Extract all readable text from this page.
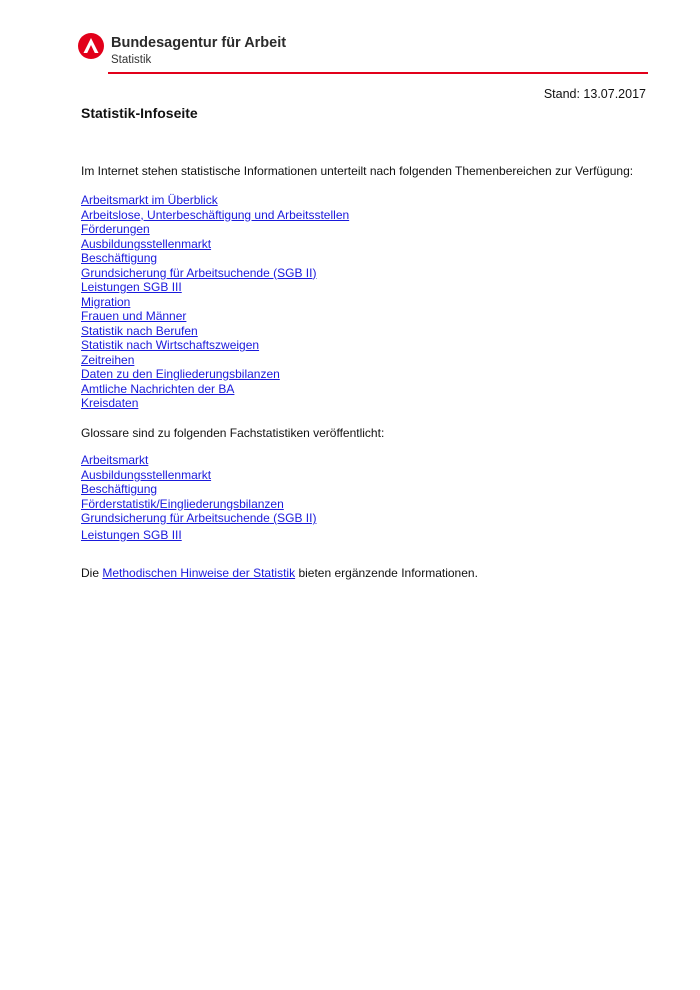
Bundesagentur für Arbeit
Statistik
Stand: 13.07.2017
Statistik-Infoseite

Im Internet stehen statistische Informationen unterteilt nach folgenden Themenbereichen zur Verfügung:

Arbeitsmarkt im Überblick
Arbeitslose, Unterbeschäftigung und Arbeitsstellen
Förderungen
Ausbildungsstellenmarkt
Beschäftigung
Grundsicherung für Arbeitsuchende (SGB II)
Leistungen SGB III
Migration
Frauen und Männer
Statistik nach Berufen
Statistik nach Wirtschaftszweigen
Zeitreihen
Daten zu den Eingliederungsbilanzen
Amtliche Nachrichten der BA
Kreisdaten

Glossare sind zu folgenden Fachstatistiken veröffentlicht:

Arbeitsmarkt
Ausbildungsstellenmarkt
Beschäftigung
Förderstatistik/Eingliederungsbilanzen
Grundsicherung für Arbeitsuchende (SGB II)
Leistungen SGB III

Die Methodischen Hinweise der Statistik bieten ergänzende Informationen.
